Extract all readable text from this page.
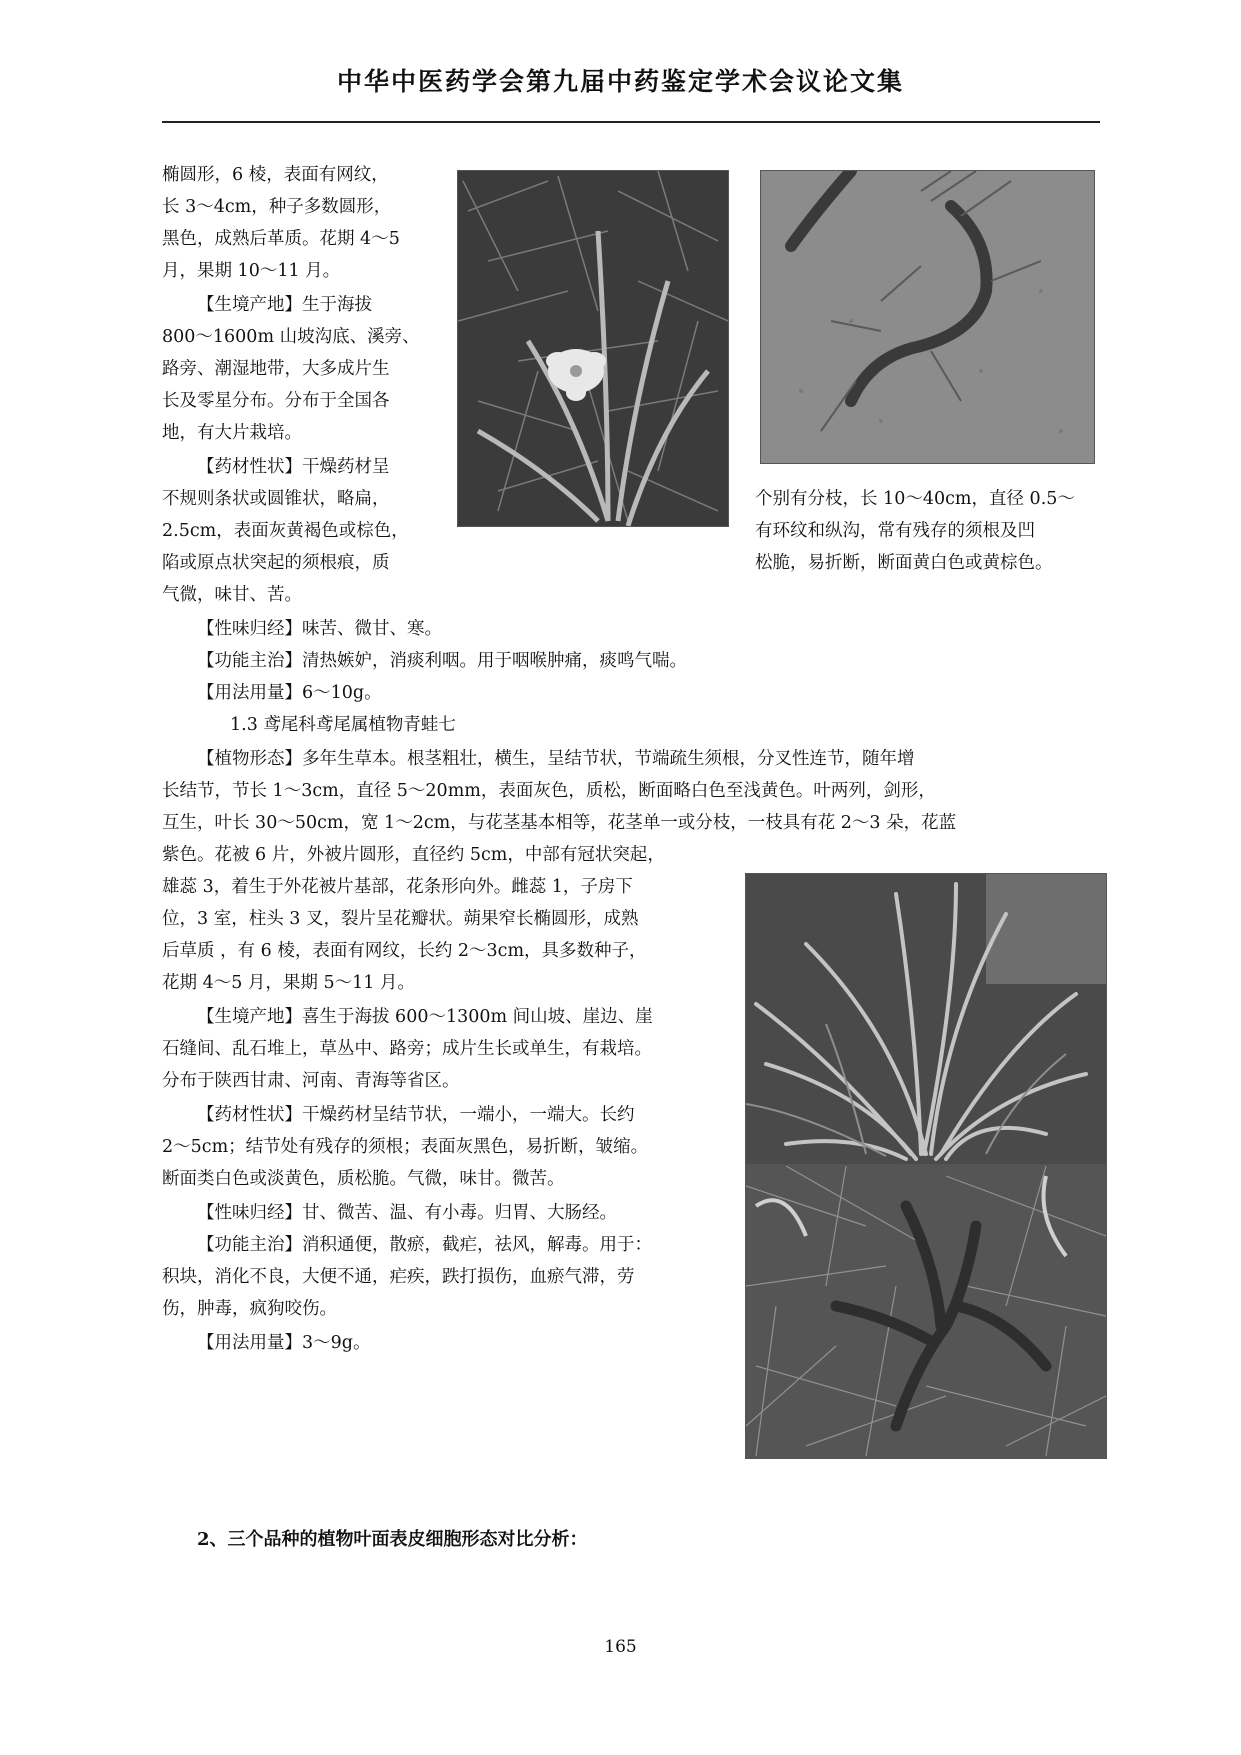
中华中医药学会第九届中药鉴定学术会议论文集
椭圆形，6 棱，表面有网纹，
长 3～4cm，种子多数圆形，
黑色，成熟后革质。花期 4～5
月，果期 10～11 月。
【生境产地】生于海拔
800～1600m 山坡沟底、溪旁、
路旁、潮湿地带，大多成片生
长及零星分布。分布于全国各
地，有大片栽培。
【药材性状】干燥药材呈
不规则条状或圆锥状，略扁，
2.5cm，表面灰黄褐色或棕色，
陷或原点状突起的须根痕，质
气微，味甘、苦。
个别有分枝，长 10～40cm，直径 0.5～
有环纹和纵沟，常有残存的须根及凹
松脆，易折断，断面黄白色或黄棕色。
【性味归经】味苦、微甘、寒。
【功能主治】清热嫉妒，消痰利咽。用于咽喉肿痛，痰鸣气喘。
【用法用量】6～10g。
1.3 鸢尾科鸢尾属植物青蛙七
【植物形态】多年生草本。根茎粗壮，横生，呈结节状，节端疏生须根，分叉性连节，随年增
长结节，节长 1～3cm，直径 5～20mm，表面灰色，质松，断面略白色至浅黄色。叶两列，剑形，
互生，叶长 30～50cm，宽 1～2cm，与花茎基本相等，花茎单一或分枝，一枝具有花 2～3 朵，花蓝
紫色。花被 6 片，外被片圆形，直径约 5cm，中部有冠状突起，
雄蕊 3，着生于外花被片基部，花条形向外。雌蕊 1，子房下
位，3 室，柱头 3 叉，裂片呈花瓣状。蒴果窄长椭圆形，成熟
后草质 ，有 6 棱，表面有网纹，长约 2～3cm，具多数种子，
花期 4～5 月，果期 5～11 月。
【生境产地】喜生于海拔 600～1300m 间山坡、崖边、崖
石缝间、乱石堆上，草丛中、路旁；成片生长或单生，有栽培。
分布于陕西甘肃、河南、青海等省区。
【药材性状】干燥药材呈结节状，一端小，一端大。长约
2～5cm；结节处有残存的须根；表面灰黑色，易折断，皱缩。
断面类白色或淡黄色，质松脆。气微，味甘。微苦。
【性味归经】甘、微苦、温、有小毒。归胃、大肠经。
【功能主治】消积通便，散瘀，截疟，祛风，解毒。用于：
积块，消化不良，大便不通，疟疾，跌打损伤，血瘀气滞，劳
伤，肿毒，疯狗咬伤。
【用法用量】3～9g。
2、三个品种的植物叶面表皮细胞形态对比分析：
165
